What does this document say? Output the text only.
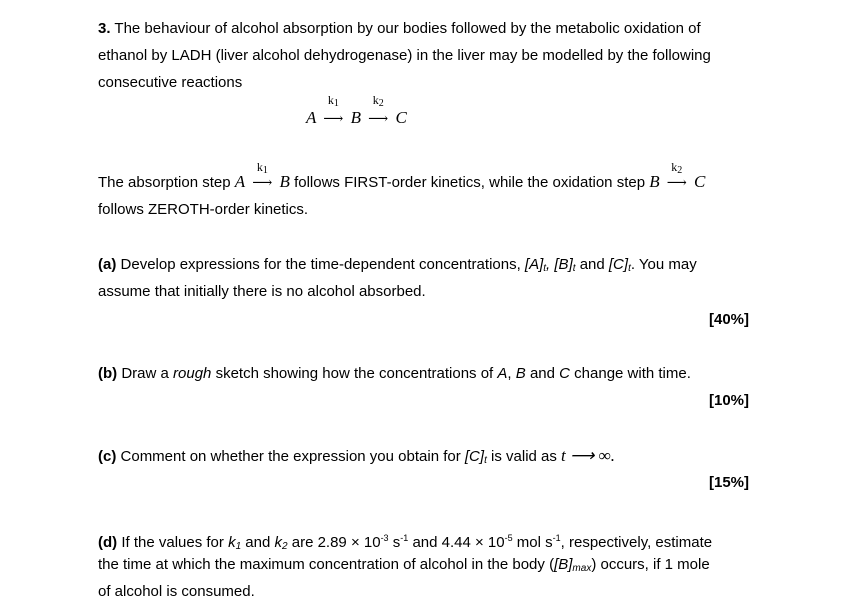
3. The behaviour of alcohol absorption by our bodies followed by the metabolic oxidation of
ethanol by LADH (liver alcohol dehydrogenase) in the liver may be modelled by the following
consecutive reactions
A
$k_1$
⟶ B
$k_2$
⟶ C
The absorption step A
$k_1$
⟶ B follows FIRST-order kinetics, while the oxidation step B
$k_2$
⟶ C
follows ZEROTH-order kinetics.
(a) Develop expressions for the time-dependent concentrations, $[A]_t$, $[B]_t$ and $[C]_t$. You may
assume that initially there is no alcohol absorbed.
[40%]
(b) Draw a rough sketch showing how the concentrations of A, B and C change with time.
[10%]
(c) Comment on whether the expression you obtain for $[C]_t$ is valid as t ⟶ ∞.
[15%]
(d) If the values for $k_1$ and $k_2$ are $2.89 \times 10^{-3}$ $s^{-1}$ and $4.44 \times 10^{-5}$ mol $s^{-1}$, respectively, estimate
the time at which the maximum concentration of alcohol in the body $([B]_{max})$ occurs, if 1 mole
of alcohol is consumed.
